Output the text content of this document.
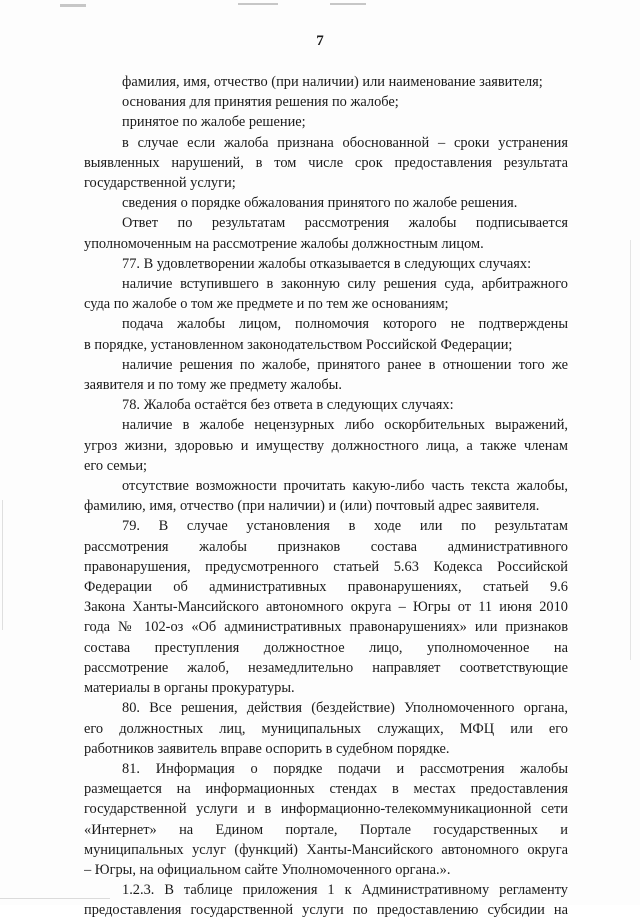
7
фамилия, имя, отчество (при наличии) или наименование заявителя;
основания для принятия решения по жалобе;
принятое по жалобе решение;
в случае если жалоба признана обоснованной – сроки устранения
выявленных нарушений, в том числе срок предоставления результата
государственной услуги;
сведения о порядке обжалования принятого по жалобе решения.
Ответ по результатам рассмотрения жалобы подписывается
уполномоченным на рассмотрение жалобы должностным лицом.
77. В удовлетворении жалобы отказывается в следующих случаях:
наличие вступившего в законную силу решения суда, арбитражного
суда по жалобе о том же предмете и по тем же основаниям;
подача жалобы лицом, полномочия которого не подтверждены
в порядке, установленном законодательством Российской Федерации;
наличие решения по жалобе, принятого ранее в отношении того же
заявителя и по тому же предмету жалобы.
78. Жалоба остаётся без ответа в следующих случаях:
наличие в жалобе нецензурных либо оскорбительных выражений,
угроз жизни, здоровью и имуществу должностного лица, а также членам
его семьи;
отсутствие возможности прочитать какую-либо часть текста жалобы,
фамилию, имя, отчество (при наличии) и (или) почтовый адрес заявителя.
79. В случае установления в ходе или по результатам
рассмотрения жалобы признаков состава административного
правонарушения, предусмотренного статьей 5.63 Кодекса Российской
Федерации об административных правонарушениях, статьей 9.6
Закона Ханты-Мансийского автономного округа – Югры от 11 июня 2010
года № 102-оз «Об административных правонарушениях» или признаков
состава преступления должностное лицо, уполномоченное на
рассмотрение жалоб, незамедлительно направляет соответствующие
материалы в органы прокуратуры.
80. Все решения, действия (бездействие) Уполномоченного органа,
его должностных лиц, муниципальных служащих, МФЦ или его
работников заявитель вправе оспорить в судебном порядке.
81. Информация о порядке подачи и рассмотрения жалобы
размещается на информационных стендах в местах предоставления
государственной услуги и в информационно-телекоммуникационной сети
«Интернет» на Едином портале, Портале государственных и
муниципальных услуг (функций) Ханты-Мансийского автономного округа
– Югры, на официальном сайте Уполномоченного органа.».
1.2.3. В таблице приложения 1 к Административному регламенту
предоставления государственной услуги по предоставлению субсидии на
